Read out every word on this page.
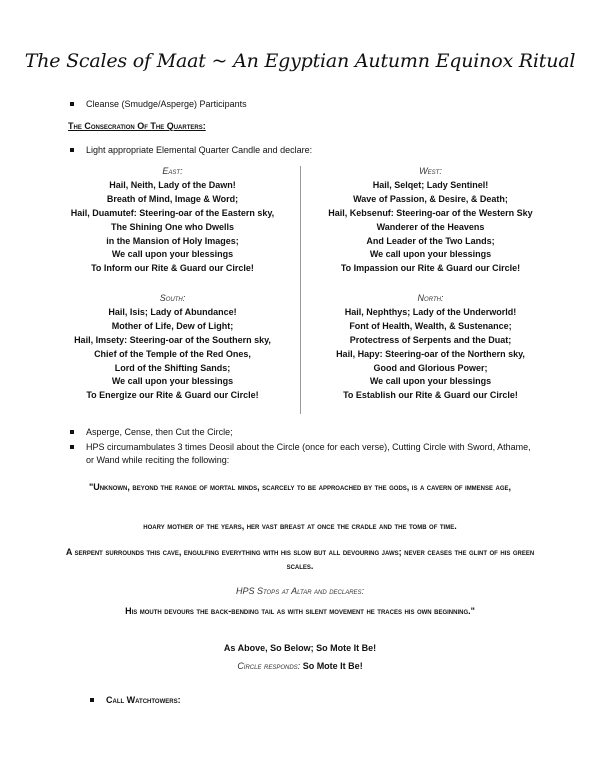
The Scales of Maat ~ An Egyptian Autumn Equinox Ritual
Cleanse (Smudge/Asperge) Participants
The Consecration Of The Quarters:
Light appropriate Elemental Quarter Candle and declare:
East:
Hail, Neith, Lady of the Dawn!
Breath of Mind, Image & Word;
Hail, Duamutef: Steering-oar of the Eastern sky,
The Shining One who Dwells
in the Mansion of Holy Images;
We call upon your blessings
To Inform our Rite & Guard our Circle!
West:
Hail, Selqet; Lady Sentinel!
Wave of Passion, & Desire, & Death;
Hail, Kebsenuf: Steering-oar of the Western Sky
Wanderer of the Heavens
And Leader of the Two Lands;
We call upon your blessings
To Impassion our Rite & Guard our Circle!
South:
Hail, Isis; Lady of Abundance!
Mother of Life, Dew of Light;
Hail, Imsety: Steering-oar of the Southern sky,
Chief of the Temple of the Red Ones,
Lord of the Shifting Sands;
We call upon your blessings
To Energize our Rite & Guard our Circle!
North:
Hail, Nephthys; Lady of the Underworld!
Font of Health, Wealth, & Sustenance;
Protectress of Serpents and the Duat;
Hail, Hapy: Steering-oar of the Northern sky,
Good and Glorious Power;
We call upon your blessings
To Establish our Rite & Guard our Circle!
Asperge, Cense, then Cut the Circle;
HPS circumambulates 3 times Deosil about the Circle (once for each verse), Cutting Circle with Sword, Athame, or Wand while reciting the following:
"Unknown, beyond the range of mortal minds, scarcely to be approached by the gods, is a cavern of immense age,
hoary mother of the years, her vast breast at once the cradle and the tomb of time.
A serpent surrounds this cave, engulfing everything with his slow but all devouring jaws; never ceases the glint of his green scales.
HPS Stops at Altar and declares:
His mouth devours the back-bending tail as with silent movement he traces his own beginning."
As Above, So Below; So Mote It Be!
Circle responds: So Mote It Be!
Call Watchtowers:
